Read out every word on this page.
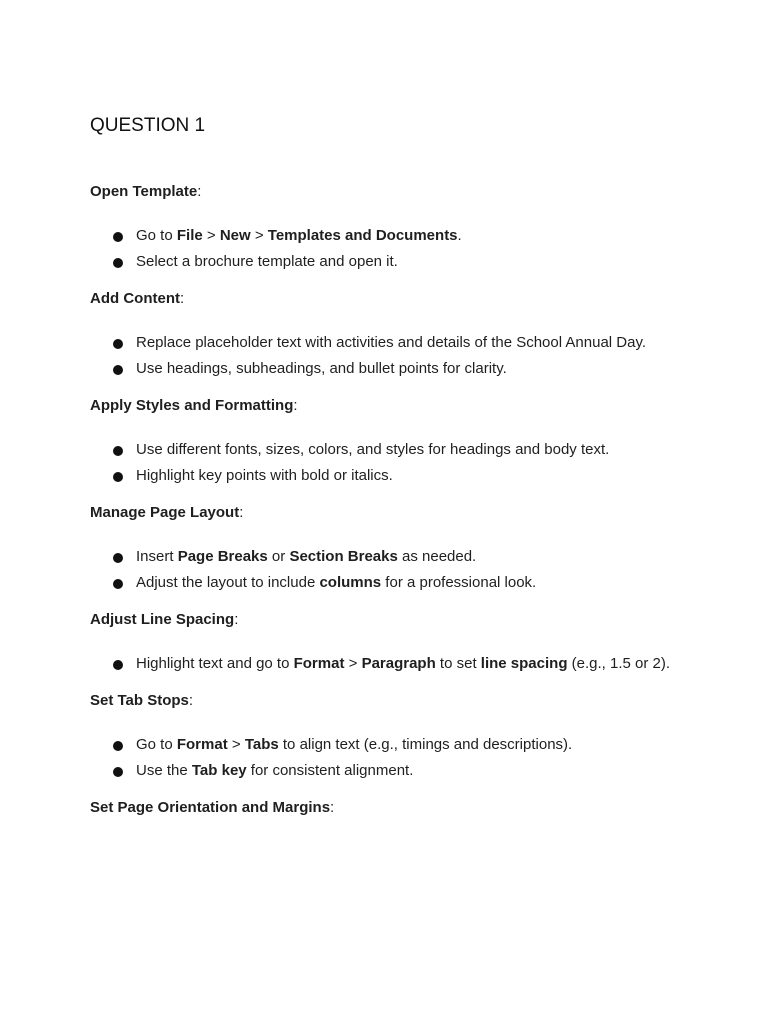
QUESTION 1

Open Template:

Go to File > New > Templates and Documents.
Select a brochure template and open it.

Add Content:

Replace placeholder text with activities and details of the School Annual Day.
Use headings, subheadings, and bullet points for clarity.

Apply Styles and Formatting:

Use different fonts, sizes, colors, and styles for headings and body text.
Highlight key points with bold or italics.

Manage Page Layout:

Insert Page Breaks or Section Breaks as needed.
Adjust the layout to include columns for a professional look.

Adjust Line Spacing:

Highlight text and go to Format > Paragraph to set line spacing (e.g., 1.5 or 2).

Set Tab Stops:

Go to Format > Tabs to align text (e.g., timings and descriptions).
Use the Tab key for consistent alignment.

Set Page Orientation and Margins:
